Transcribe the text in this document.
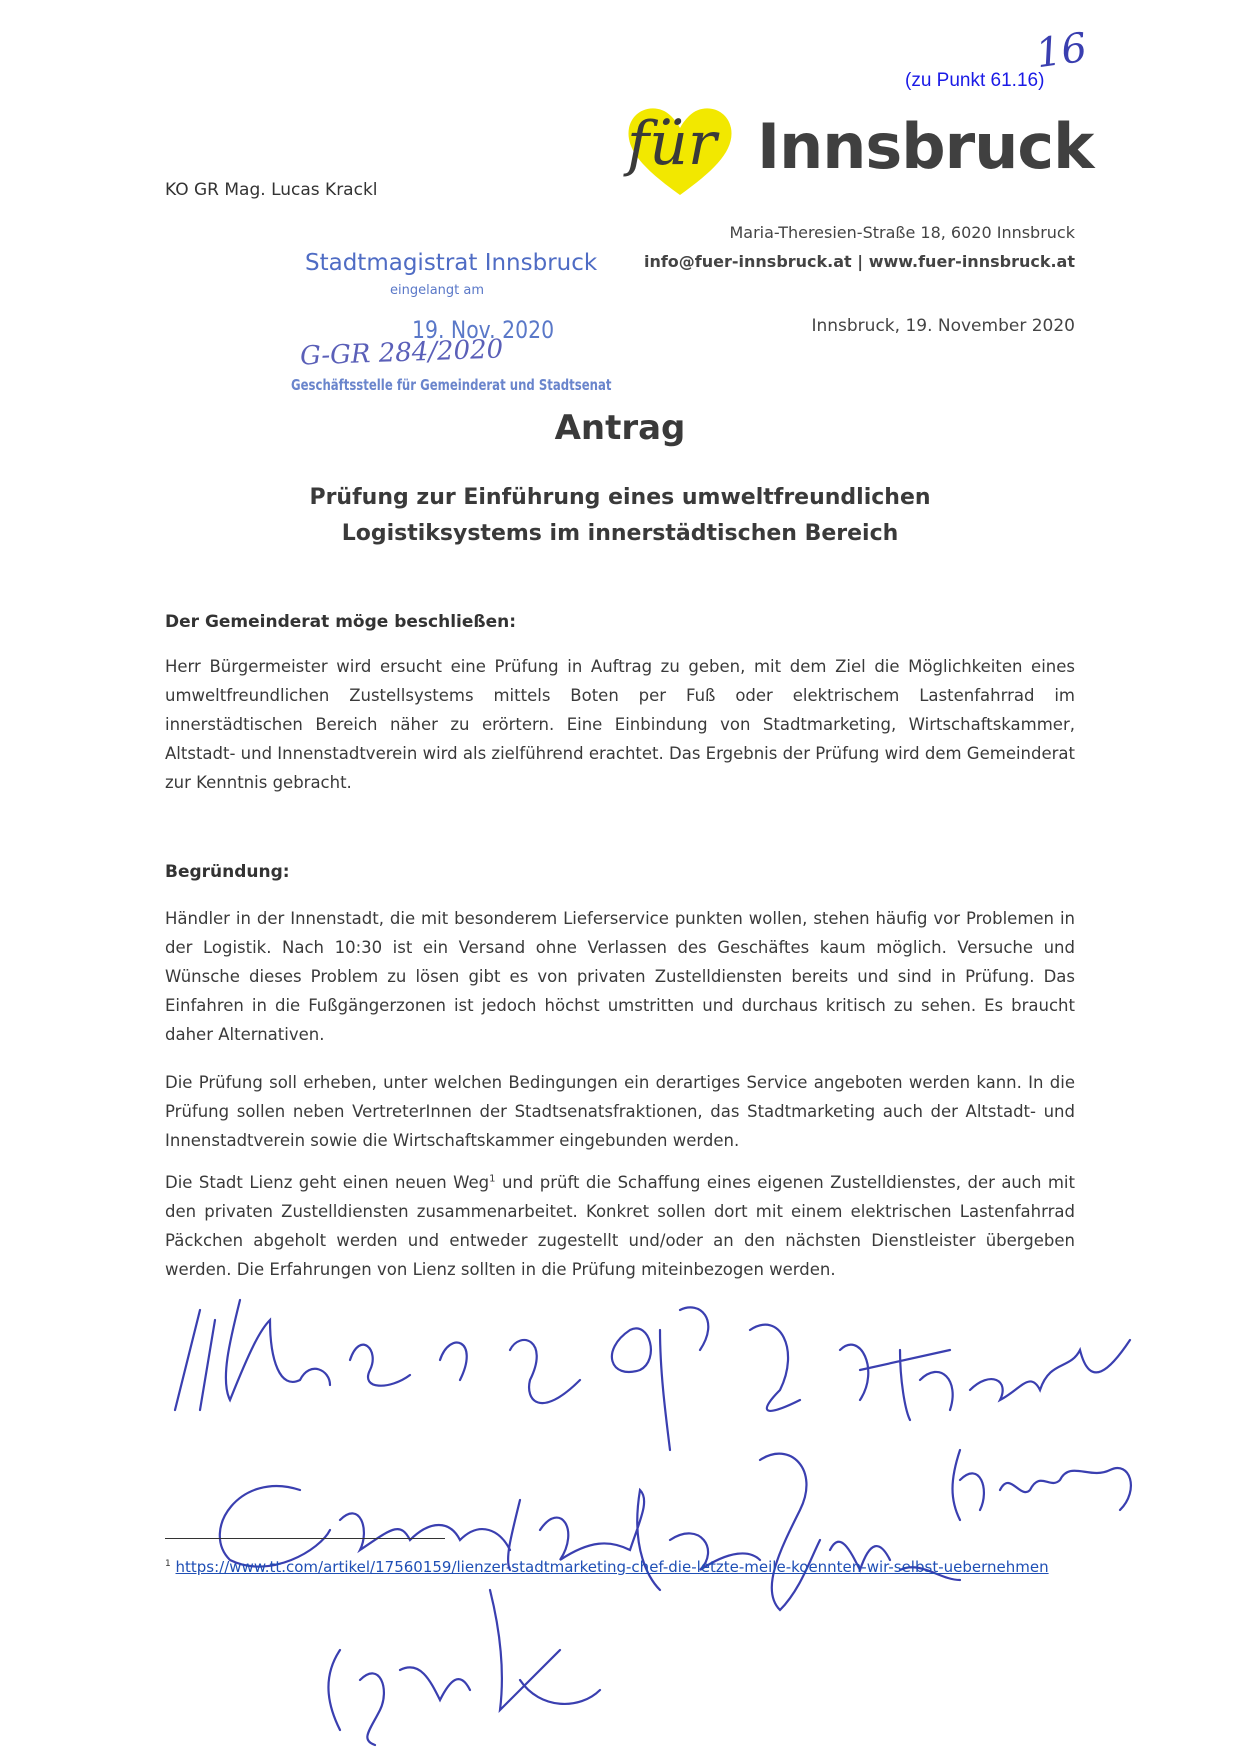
16
(zu Punkt 61.16)
für Innsbruck
KO GR Mag. Lucas Krackl
Maria-Theresien-Straße 18, 6020 Innsbruck
info@fuer-innsbruck.at | www.fuer-innsbruck.at
Innsbruck, 19. November 2020
Stadtmagistrat Innsbruck
eingelangt am
19. Nov. 2020
G-GR 284/2020
Geschäftsstelle für Gemeinderat und Stadtsenat
Antrag
Prüfung zur Einführung eines umweltfreundlichen
Logistiksystems im innerstädtischen Bereich
Der Gemeinderat möge beschließen:
Herr Bürgermeister wird ersucht eine Prüfung in Auftrag zu geben, mit dem Ziel die Möglichkeiten eines umweltfreundlichen Zustellsystems mittels Boten per Fuß oder elektrischem Lastenfahrrad im innerstädtischen Bereich näher zu erörtern. Eine Einbindung von Stadtmarketing, Wirtschaftskammer, Altstadt- und Innenstadtverein wird als zielführend erachtet. Das Ergebnis der Prüfung wird dem Gemeinderat zur Kenntnis gebracht.
Begründung:
Händler in der Innenstadt, die mit besonderem Lieferservice punkten wollen, stehen häufig vor Problemen in der Logistik. Nach 10:30 ist ein Versand ohne Verlassen des Geschäftes kaum möglich. Versuche und Wünsche dieses Problem zu lösen gibt es von privaten Zustelldiensten bereits und sind in Prüfung. Das Einfahren in die Fußgängerzonen ist jedoch höchst umstritten und durchaus kritisch zu sehen. Es braucht daher Alternativen.
Die Prüfung soll erheben, unter welchen Bedingungen ein derartiges Service angeboten werden kann. In die Prüfung sollen neben VertreterInnen der Stadtsenatsfraktionen, das Stadtmarketing auch der Altstadt- und Innenstadtverein sowie die Wirtschaftskammer eingebunden werden.
Die Stadt Lienz geht einen neuen Weg$^1$ und prüft die Schaffung eines eigenen Zustelldienstes, der auch mit den privaten Zustelldiensten zusammenarbeitet. Konkret sollen dort mit einem elektrischen Lastenfahrrad Päckchen abgeholt werden und entweder zugestellt und/oder an den nächsten Dienstleister übergeben werden. Die Erfahrungen von Lienz sollten in die Prüfung miteinbezogen werden.
$^1$ https://www.tt.com/artikel/17560159/lienzer-stadtmarketing-chef-die-letzte-meile-koennten-wir-selbst-uebernehmen
